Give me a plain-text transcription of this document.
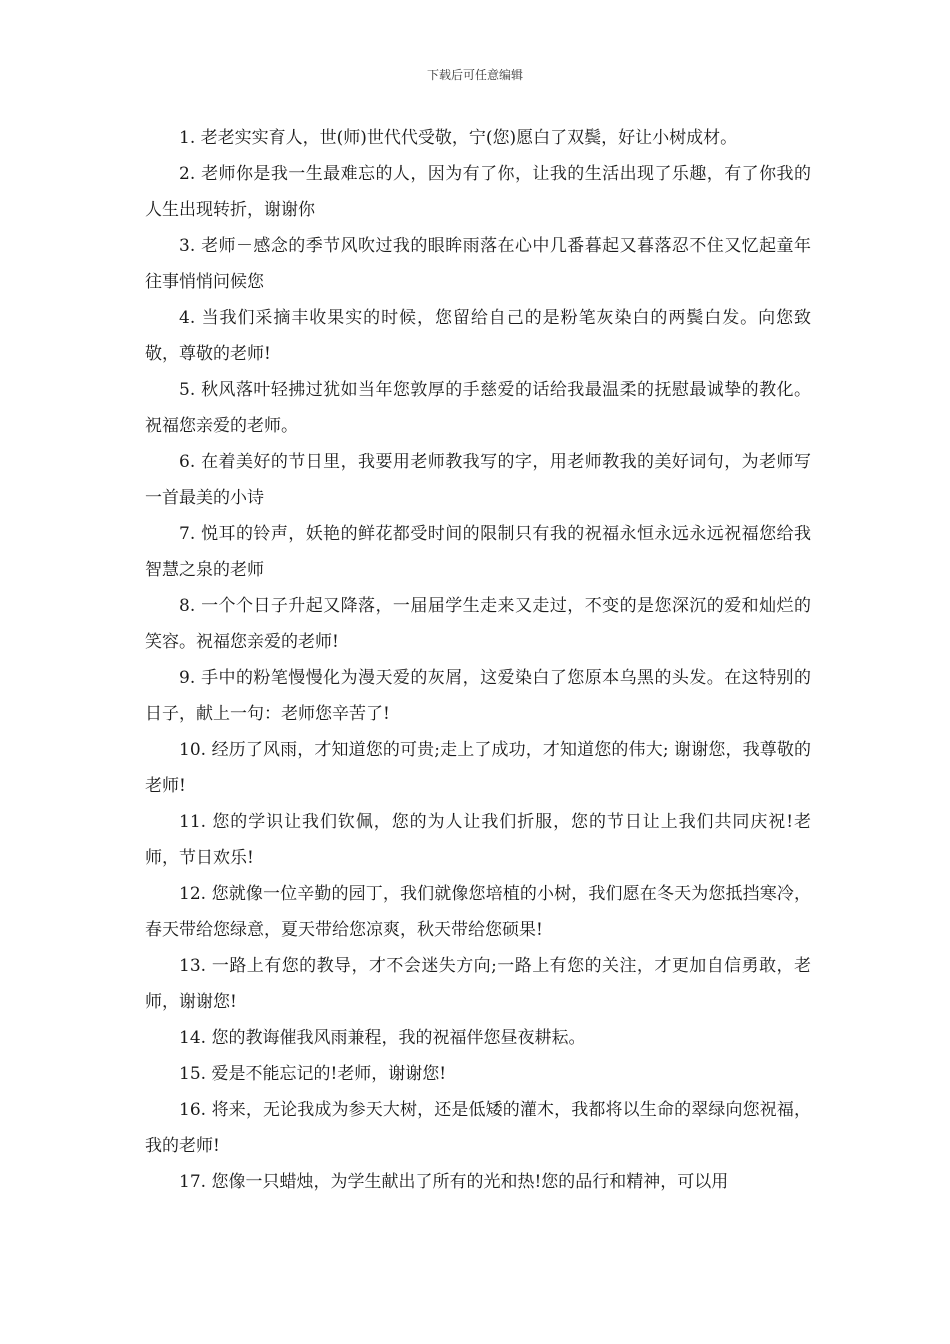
下载后可任意编辑

1. 老老实实育人，世(师)世代代受敬，宁(您)愿白了双鬓，好让小树成材。

2. 老师你是我一生最难忘的人，因为有了你，让我的生活出现了乐趣，有了你我的人生出现转折，谢谢你

3. 老师－感念的季节风吹过我的眼眸雨落在心中几番暮起又暮落忍不住又忆起童年往事悄悄问候您

4. 当我们采摘丰收果实的时候，您留给自己的是粉笔灰染白的两鬓白发。向您致敬，尊敬的老师!

5. 秋风落叶轻拂过犹如当年您敦厚的手慈爱的话给我最温柔的抚慰最诚挚的教化。祝福您亲爱的老师。

6. 在着美好的节日里，我要用老师教我写的字，用老师教我的美好词句，为老师写一首最美的小诗

7. 悦耳的铃声，妖艳的鲜花都受时间的限制只有我的祝福永恒永远永远祝福您给我智慧之泉的老师

8. 一个个日子升起又降落，一届届学生走来又走过，不变的是您深沉的爱和灿烂的笑容。祝福您亲爱的老师!

9. 手中的粉笔慢慢化为漫天爱的灰屑，这爱染白了您原本乌黑的头发。在这特别的日子，献上一句：老师您辛苦了!

10. 经历了风雨，才知道您的可贵;走上了成功，才知道您的伟大; 谢谢您，我尊敬的老师!

11. 您的学识让我们钦佩，您的为人让我们折服，您的节日让上我们共同庆祝!老师，节日欢乐!

12. 您就像一位辛勤的园丁，我们就像您培植的小树，我们愿在冬天为您抵挡寒冷，春天带给您绿意，夏天带给您凉爽，秋天带给您硕果!

13. 一路上有您的教导，才不会迷失方向;一路上有您的关注，才更加自信勇敢，老师，谢谢您!

14. 您的教诲催我风雨兼程，我的祝福伴您昼夜耕耘。

15. 爱是不能忘记的!老师，谢谢您!

16. 将来，无论我成为参天大树，还是低矮的灌木，我都将以生命的翠绿向您祝福，我的老师!

17. 您像一只蜡烛，为学生献出了所有的光和热!您的品行和精神，可以用
